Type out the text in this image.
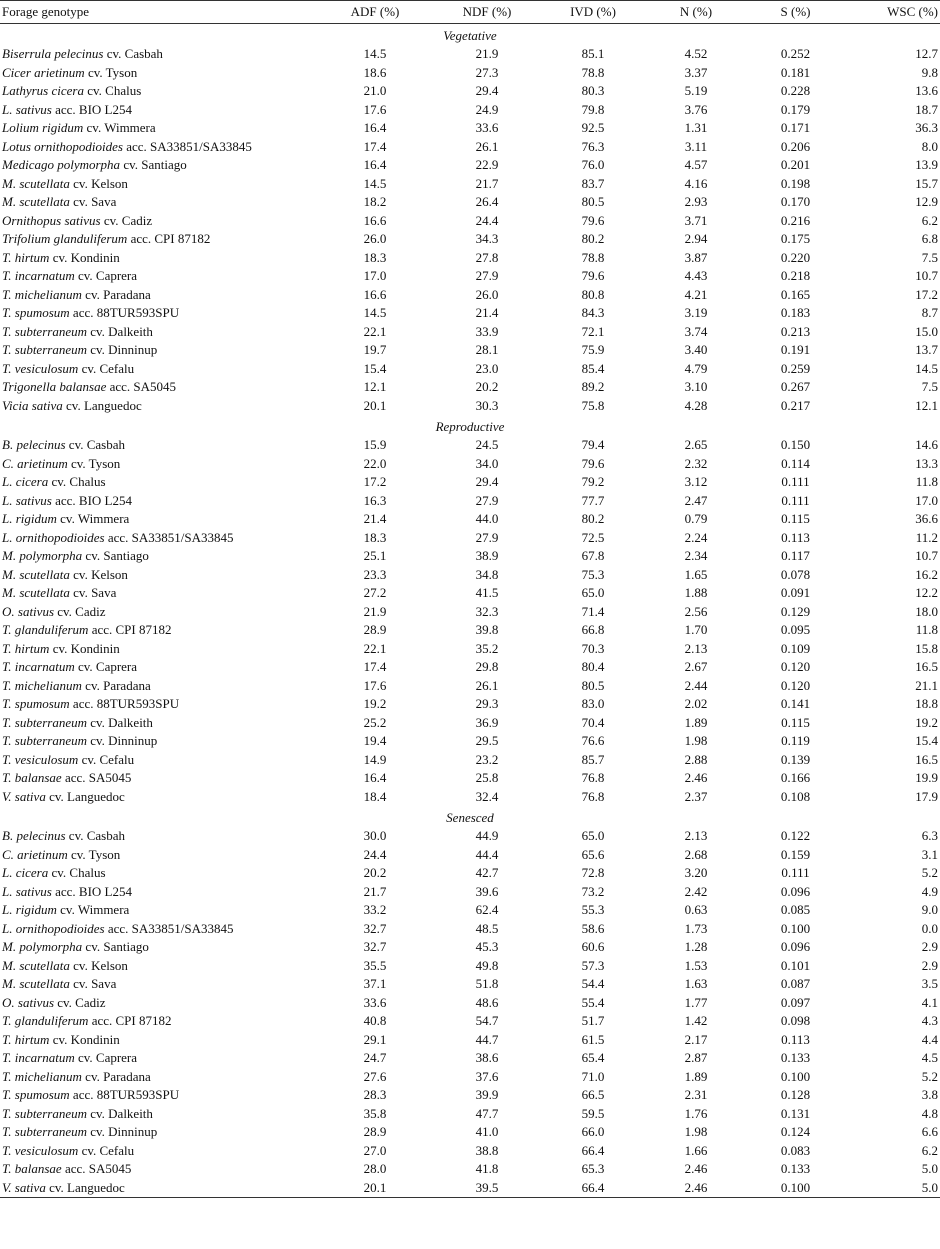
Forage genotype	ADF (%)	NDF (%)	IVD (%)	N (%)	S (%)	WSC (%)
Vegetative						
Biserrula pelecinus cv. Casbah	14.5	21.9	85.1	4.52	0.252	12.7
Cicer arietinum cv. Tyson	18.6	27.3	78.8	3.37	0.181	9.8
Lathyrus cicera cv. Chalus	21.0	29.4	80.3	5.19	0.228	13.6
L. sativus acc. BIO L254	17.6	24.9	79.8	3.76	0.179	18.7
Lolium rigidum cv. Wimmera	16.4	33.6	92.5	1.31	0.171	36.3
Lotus ornithopodioides acc. SA33851/SA33845	17.4	26.1	76.3	3.11	0.206	8.0
Medicago polymorpha cv. Santiago	16.4	22.9	76.0	4.57	0.201	13.9
M. scutellata cv. Kelson	14.5	21.7	83.7	4.16	0.198	15.7
M. scutellata cv. Sava	18.2	26.4	80.5	2.93	0.170	12.9
Ornithopus sativus cv. Cadiz	16.6	24.4	79.6	3.71	0.216	6.2
Trifolium glanduliferum acc. CPI 87182	26.0	34.3	80.2	2.94	0.175	6.8
T. hirtum cv. Kondinin	18.3	27.8	78.8	3.87	0.220	7.5
T. incarnatum cv. Caprera	17.0	27.9	79.6	4.43	0.218	10.7
T. michelianum cv. Paradana	16.6	26.0	80.8	4.21	0.165	17.2
T. spumosum acc. 88TUR593SPU	14.5	21.4	84.3	3.19	0.183	8.7
T. subterraneum cv. Dalkeith	22.1	33.9	72.1	3.74	0.213	15.0
T. subterraneum cv. Dinninup	19.7	28.1	75.9	3.40	0.191	13.7
T. vesiculosum cv. Cefalu	15.4	23.0	85.4	4.79	0.259	14.5
Trigonella balansae acc. SA5045	12.1	20.2	89.2	3.10	0.267	7.5
Vicia sativa cv. Languedoc	20.1	30.3	75.8	4.28	0.217	12.1
Reproductive						
B. pelecinus cv. Casbah	15.9	24.5	79.4	2.65	0.150	14.6
C. arietinum cv. Tyson	22.0	34.0	79.6	2.32	0.114	13.3
L. cicera cv. Chalus	17.2	29.4	79.2	3.12	0.111	11.8
L. sativus acc. BIO L254	16.3	27.9	77.7	2.47	0.111	17.0
L. rigidum cv. Wimmera	21.4	44.0	80.2	0.79	0.115	36.6
L. ornithopodioides acc. SA33851/SA33845	18.3	27.9	72.5	2.24	0.113	11.2
M. polymorpha cv. Santiago	25.1	38.9	67.8	2.34	0.117	10.7
M. scutellata cv. Kelson	23.3	34.8	75.3	1.65	0.078	16.2
M. scutellata cv. Sava	27.2	41.5	65.0	1.88	0.091	12.2
O. sativus cv. Cadiz	21.9	32.3	71.4	2.56	0.129	18.0
T. glanduliferum acc. CPI 87182	28.9	39.8	66.8	1.70	0.095	11.8
T. hirtum cv. Kondinin	22.1	35.2	70.3	2.13	0.109	15.8
T. incarnatum cv. Caprera	17.4	29.8	80.4	2.67	0.120	16.5
T. michelianum cv. Paradana	17.6	26.1	80.5	2.44	0.120	21.1
T. spumosum acc. 88TUR593SPU	19.2	29.3	83.0	2.02	0.141	18.8
T. subterraneum cv. Dalkeith	25.2	36.9	70.4	1.89	0.115	19.2
T. subterraneum cv. Dinninup	19.4	29.5	76.6	1.98	0.119	15.4
T. vesiculosum cv. Cefalu	14.9	23.2	85.7	2.88	0.139	16.5
T. balansae acc. SA5045	16.4	25.8	76.8	2.46	0.166	19.9
V. sativa cv. Languedoc	18.4	32.4	76.8	2.37	0.108	17.9
Senesced						
B. pelecinus cv. Casbah	30.0	44.9	65.0	2.13	0.122	6.3
C. arietinum cv. Tyson	24.4	44.4	65.6	2.68	0.159	3.1
L. cicera cv. Chalus	20.2	42.7	72.8	3.20	0.111	5.2
L. sativus acc. BIO L254	21.7	39.6	73.2	2.42	0.096	4.9
L. rigidum cv. Wimmera	33.2	62.4	55.3	0.63	0.085	9.0
L. ornithopodioides acc. SA33851/SA33845	32.7	48.5	58.6	1.73	0.100	0.0
M. polymorpha cv. Santiago	32.7	45.3	60.6	1.28	0.096	2.9
M. scutellata cv. Kelson	35.5	49.8	57.3	1.53	0.101	2.9
M. scutellata cv. Sava	37.1	51.8	54.4	1.63	0.087	3.5
O. sativus cv. Cadiz	33.6	48.6	55.4	1.77	0.097	4.1
T. glanduliferum acc. CPI 87182	40.8	54.7	51.7	1.42	0.098	4.3
T. hirtum cv. Kondinin	29.1	44.7	61.5	2.17	0.113	4.4
T. incarnatum cv. Caprera	24.7	38.6	65.4	2.87	0.133	4.5
T. michelianum cv. Paradana	27.6	37.6	71.0	1.89	0.100	5.2
T. spumosum acc. 88TUR593SPU	28.3	39.9	66.5	2.31	0.128	3.8
T. subterraneum cv. Dalkeith	35.8	47.7	59.5	1.76	0.131	4.8
T. subterraneum cv. Dinninup	28.9	41.0	66.0	1.98	0.124	6.6
T. vesiculosum cv. Cefalu	27.0	38.8	66.4	1.66	0.083	6.2
T. balansae acc. SA5045	28.0	41.8	65.3	2.46	0.133	5.0
V. sativa cv. Languedoc	20.1	39.5	66.4	2.46	0.100	5.0
